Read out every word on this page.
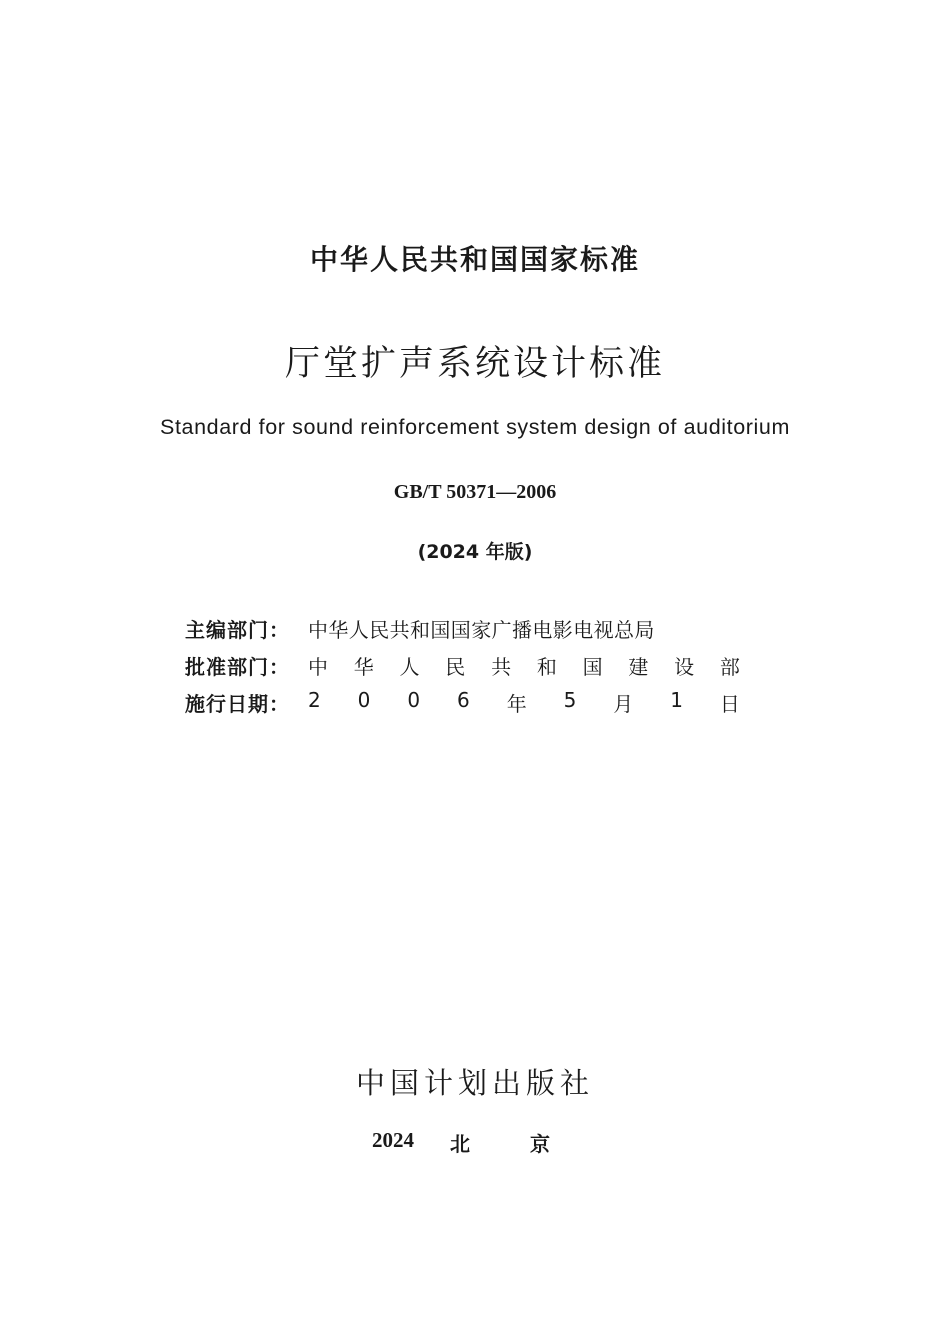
中华人民共和国国家标准
厅堂扩声系统设计标准
Standard for sound reinforcement system design of auditorium
GB/T 50371—2006
(2024 年版)
主编部门： 中华人民共和国国家广播电影电视总局
批准部门： 中 华 人 民 共 和 国 建 设 部
施行日期： 2 0 0 6 年 5 月 1 日
中国计划出版社
2024	北	京
